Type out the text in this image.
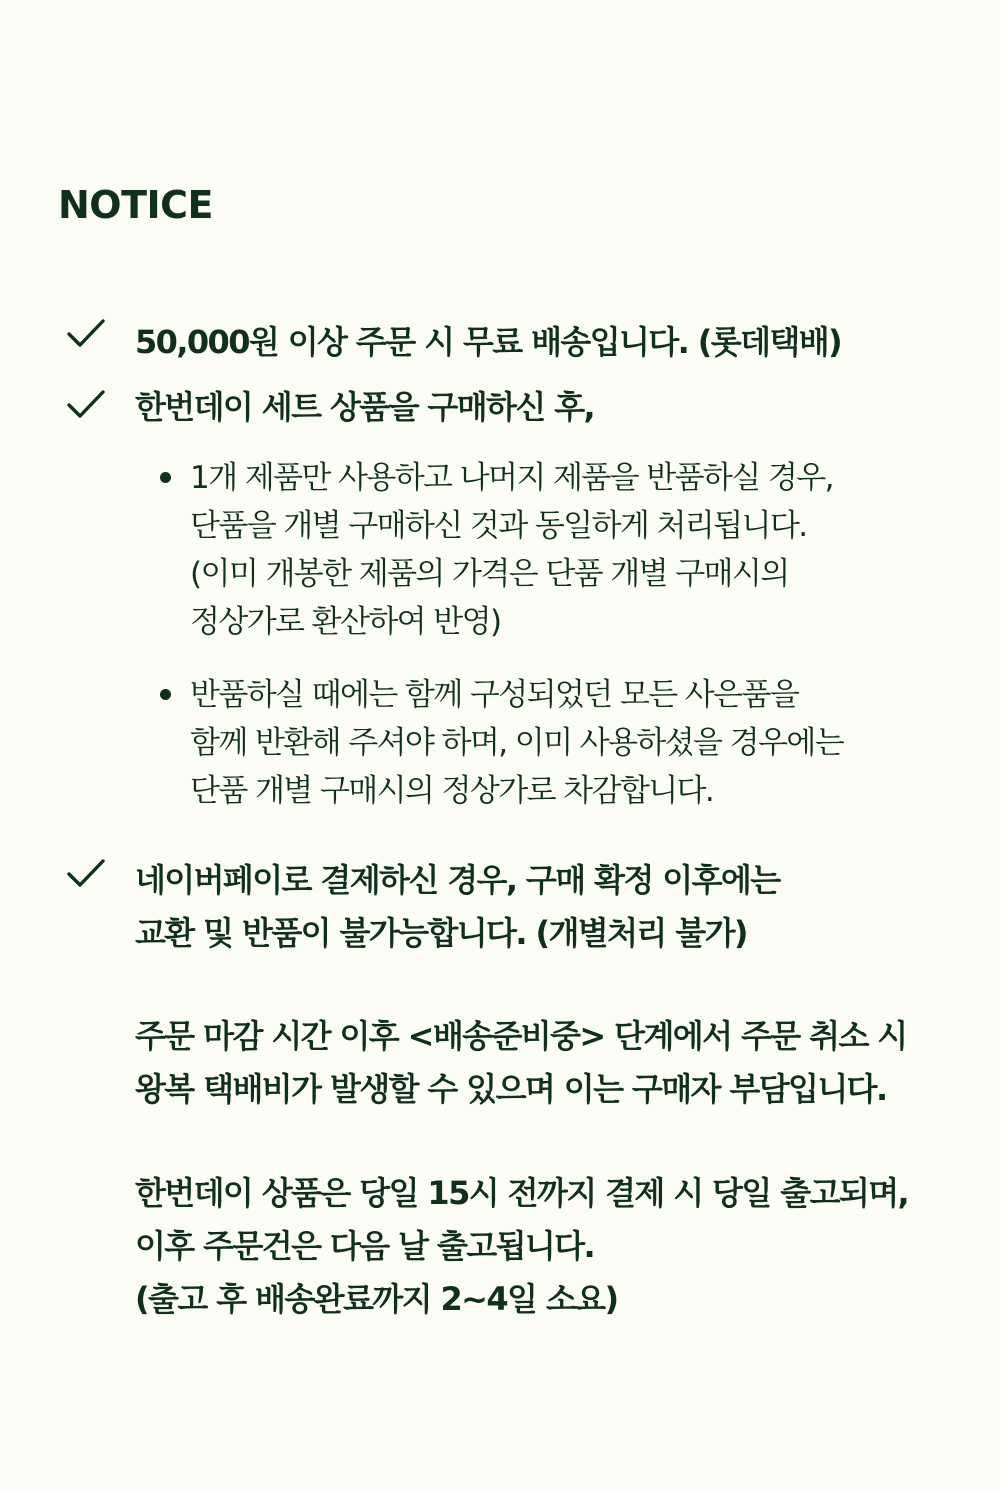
NOTICE
50,000원 이상 주문 시 무료 배송입니다. (롯데택배)
한번데이 세트 상품을 구매하신 후,
1개 제품만 사용하고 나머지 제품을 반품하실 경우,
단품을 개별 구매하신 것과 동일하게 처리됩니다.
(이미 개봉한 제품의 가격은 단품 개별 구매시의
정상가로 환산하여 반영)
반품하실 때에는 함께 구성되었던 모든 사은품을
함께 반환해 주셔야 하며, 이미 사용하셨을 경우에는
단품 개별 구매시의 정상가로 차감합니다.
네이버페이로 결제하신 경우, 구매 확정 이후에는
교환 및 반품이 불가능합니다. (개별처리 불가)
주문 마감 시간 이후 <배송준비중> 단계에서 주문 취소 시
왕복 택배비가 발생할 수 있으며 이는 구매자 부담입니다.
한번데이 상품은 당일 15시 전까지 결제 시 당일 출고되며,
이후 주문건은 다음 날 출고됩니다.
(출고 후 배송완료까지 2~4일 소요)
